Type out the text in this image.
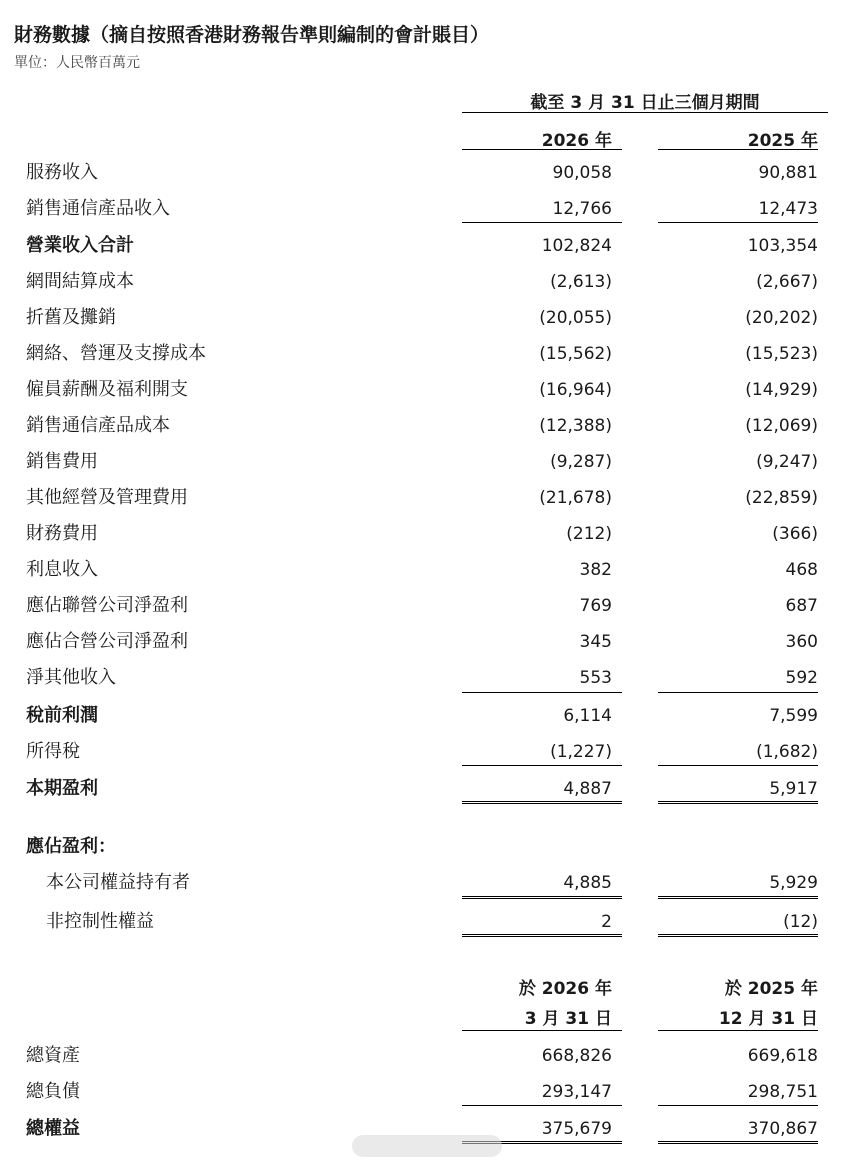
財務數據（摘自按照香港財務報告準則編制的會計賬目）
單位：人民幣百萬元
截至 3 月 31 日止三個月期間
2026 年	2025 年
服務收入	90,058	90,881
銷售通信產品收入	12,766	12,473
營業收入合計	102,824	103,354
網間結算成本	(2,613)	(2,667)
折舊及攤銷	(20,055)	(20,202)
網絡、營運及支撐成本	(15,562)	(15,523)
僱員薪酬及福利開支	(16,964)	(14,929)
銷售通信產品成本	(12,388)	(12,069)
銷售費用	(9,287)	(9,247)
其他經營及管理費用	(21,678)	(22,859)
財務費用	(212)	(366)
利息收入	382	468
應佔聯營公司淨盈利	769	687
應佔合營公司淨盈利	345	360
淨其他收入	553	592
稅前利潤	6,114	7,599
所得稅	(1,227)	(1,682)
本期盈利	4,887	5,917
應佔盈利：
本公司權益持有者	4,885	5,929
非控制性權益	2	(12)
於 2026 年
3 月 31 日
於 2025 年
12 月 31 日
總資產	668,826	669,618
總負債	293,147	298,751
總權益	375,679	370,867
